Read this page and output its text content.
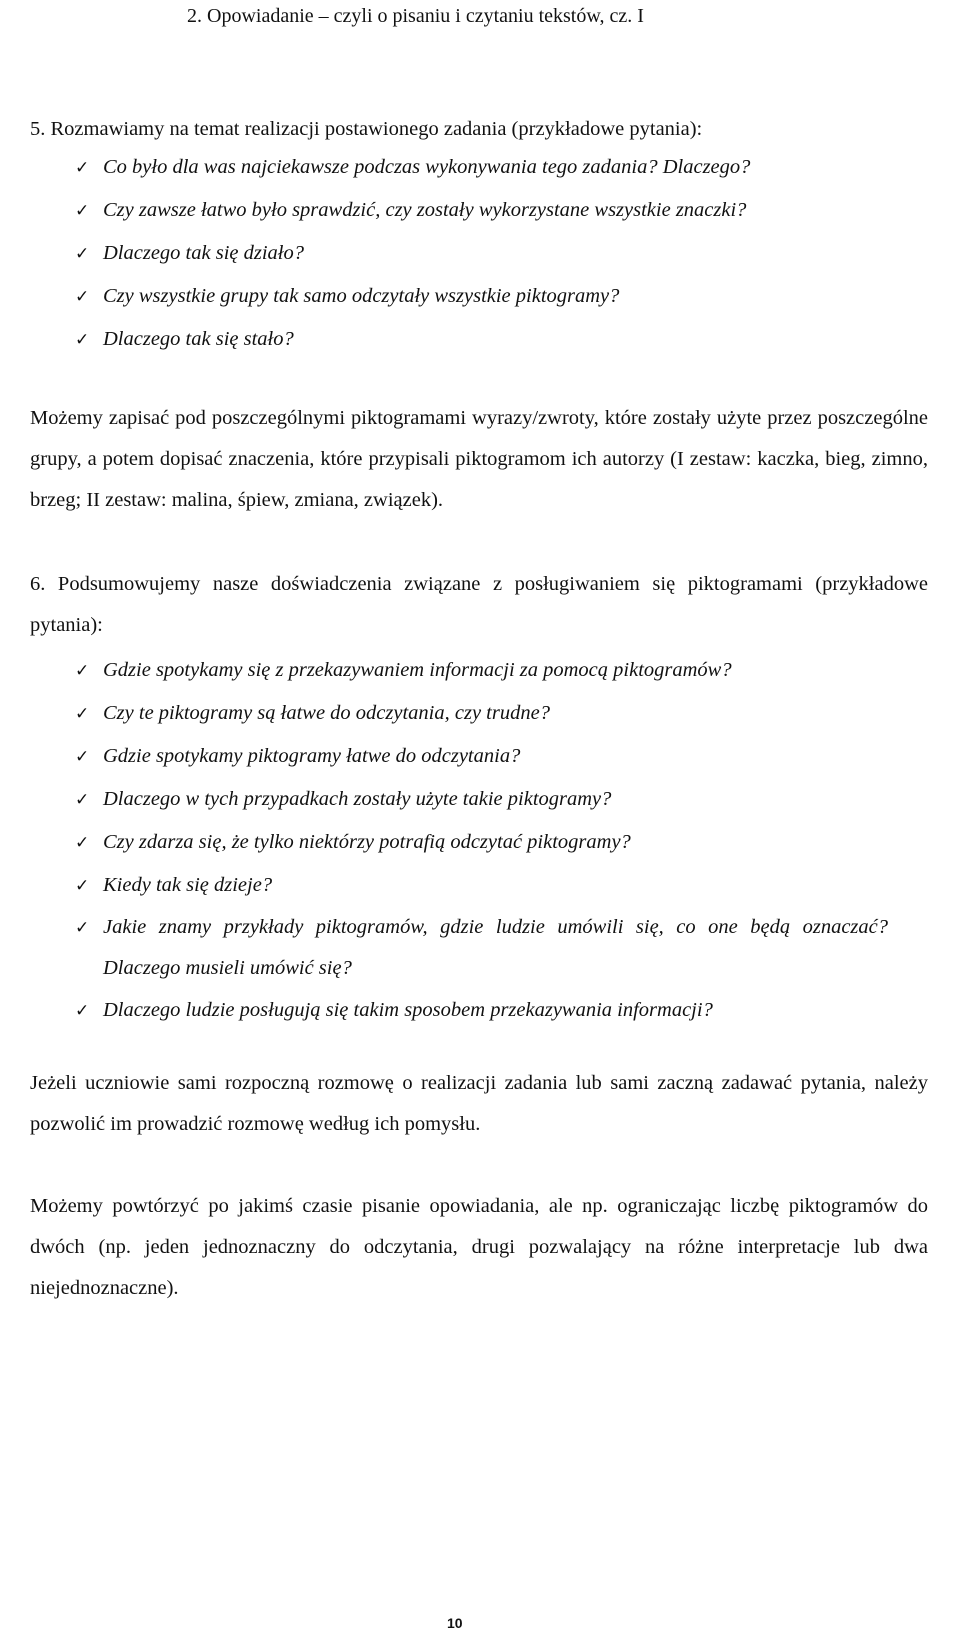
2. Opowiadanie – czyli o pisaniu i czytaniu tekstów, cz. I
5. Rozmawiamy na temat realizacji postawionego zadania (przykładowe pytania):
✓ Co było dla was najciekawsze podczas wykonywania tego zadania? Dlaczego?
✓ Czy zawsze łatwo było sprawdzić, czy zostały wykorzystane wszystkie znaczki?
✓ Dlaczego tak się działo?
✓ Czy wszystkie grupy tak samo odczytały wszystkie piktogramy?
✓ Dlaczego tak się stało?

Możemy zapisać pod poszczególnymi piktogramami wyrazy/zwroty, które zostały użyte przez poszczególne grupy, a potem dopisać znaczenia, które przypisali piktogramom ich autorzy (I zestaw: kaczka, bieg, zimno, brzeg; II zestaw: malina, śpiew, zmiana, związek).

6. Podsumowujemy nasze doświadczenia związane z posługiwaniem się piktogramami (przykładowe pytania):

✓ Gdzie spotykamy się z przekazywaniem informacji za pomocą piktogramów?
✓ Czy te piktogramy są łatwe do odczytania, czy trudne?
✓ Gdzie spotykamy piktogramy łatwe do odczytania?
✓ Dlaczego w tych przypadkach zostały użyte takie piktogramy?
✓ Czy zdarza się, że tylko niektórzy potrafią odczytać piktogramy?
✓ Kiedy tak się dzieje?
✓ Jakie znamy przykłady piktogramów, gdzie ludzie umówili się, co one będą oznaczać? Dlaczego musieli umówić się?
✓ Dlaczego ludzie posługują się takim sposobem przekazywania informacji?

Jeżeli uczniowie sami rozpoczną rozmowę o realizacji zadania lub sami zaczną zadawać pytania, należy pozwolić im prowadzić rozmowę według ich pomysłu.

Możemy powtórzyć po jakimś czasie pisanie opowiadania, ale np. ograniczając liczbę piktogramów do dwóch (np. jeden jednoznaczny do odczytania, drugi pozwalający na różne interpretacje lub dwa niejednoznaczne).

10
